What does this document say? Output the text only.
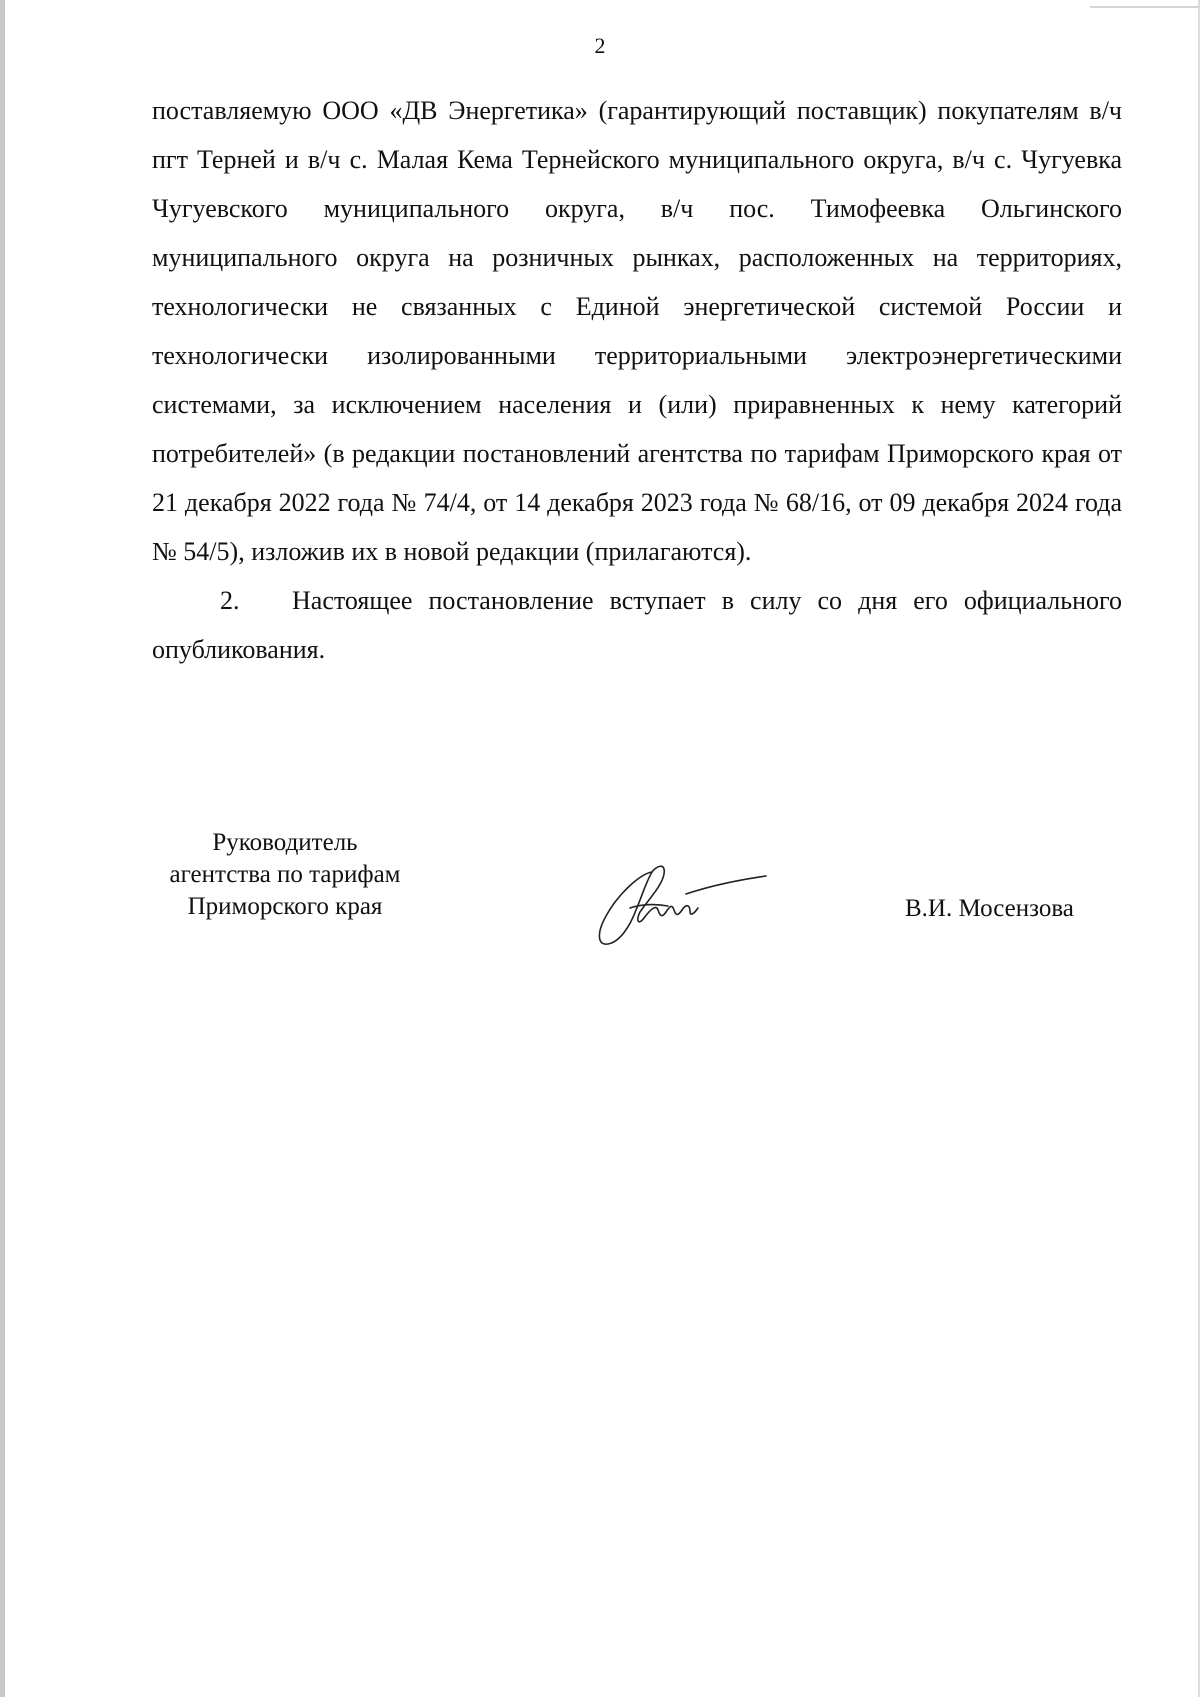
2

поставляемую ООО «ДВ Энергетика» (гарантирующий поставщик) покупателям в/ч пгт Терней и в/ч с. Малая Кема Тернейского муниципального округа, в/ч с. Чугуевка Чугуевского муниципального округа, в/ч пос. Тимофеевка Ольгинского муниципального округа на розничных рынках, расположенных на территориях, технологически не связанных с Единой энергетической системой России и технологически изолированными территориальными электроэнергетическими системами, за исключением населения и (или) приравненных к нему категорий потребителей» (в редакции постановлений агентства по тарифам Приморского края от 21 декабря 2022 года № 74/4, от 14 декабря 2023 года № 68/16, от 09 декабря 2024 года № 54/5), изложив их в новой редакции (прилагаются).

2. Настоящее постановление вступает в силу со дня его официального опубликования.

Руководитель
агентства по тарифам
Приморского края	В.И. Мосензова
